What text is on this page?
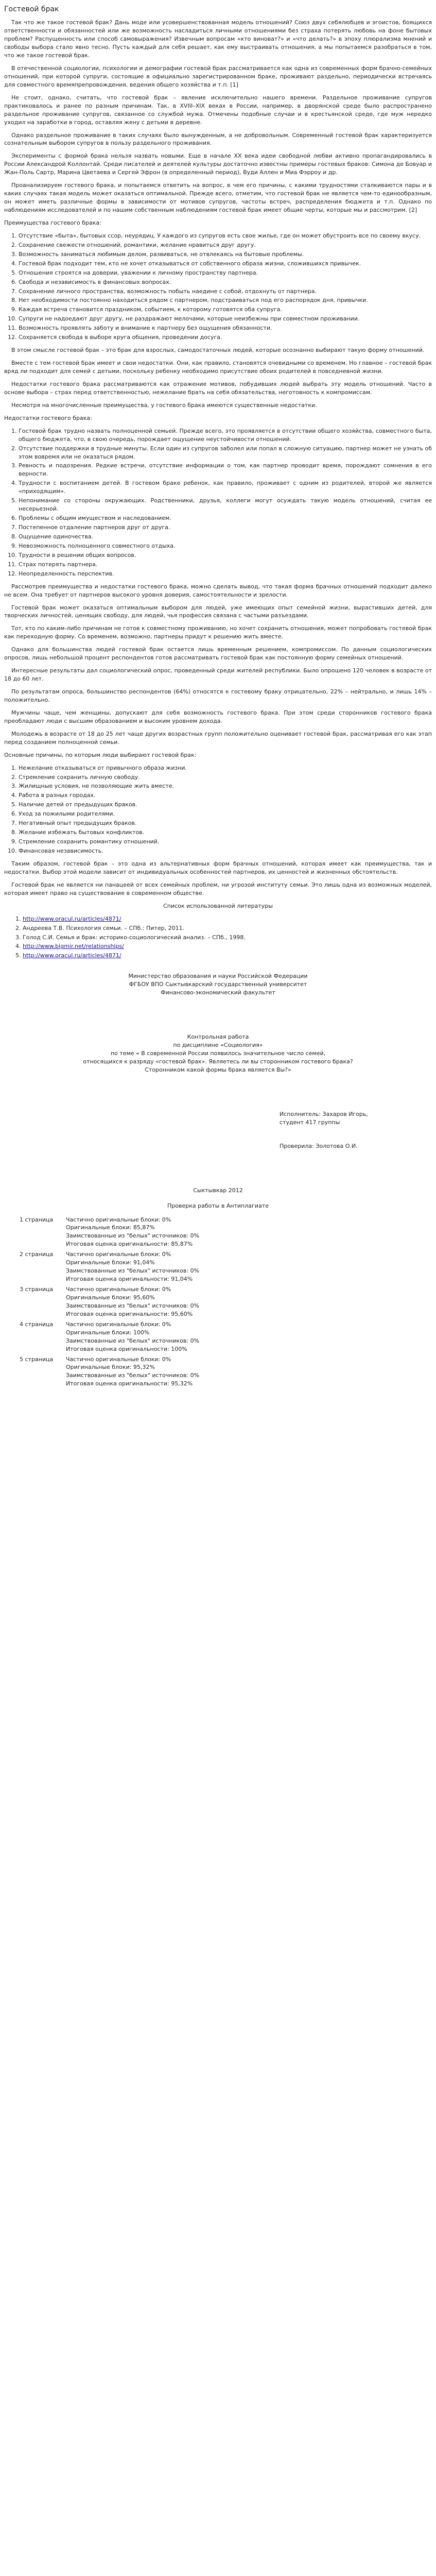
Гостевой брак

Так что же такое гостевой брак? Дань моде или усовершенствованная модель отношений? Союз двух себялюбцев и эгоистов, боящихся ответственности и обязанностей или же возможность насладиться личными отношениями без страха потерять любовь на фоне бытовых проблем? Распущенность или способ самовыражения? Извечным вопросам «кто виноват?» и «что делать?» в эпоху плюрализма мнений и свободы выбора стало явно тесно. Пусть каждый для себя решает, как ему выстраивать отношения, а мы попытаемся разобраться в том, что же такое гостевой брак.

В отечественной социологии, психологии и демографии гостевой брак рассматривается как одна из современных форм брачно-семейных отношений, при которой супруги, состоящие в официально зарегистрированном браке, проживают раздельно, периодически встречаясь для совместного времяпрепровождения, ведения общего хозяйства и т.п. [1]

Не стоит, однако, считать, что гостевой брак – явление исключительно нашего времени. Раздельное проживание супругов практиковалось и ранее по разным причинам. Так, в XVIII–XIX веках в России, например, в дворянской среде было распространено раздельное проживание супругов, связанное со службой мужа. Отмечены подобные случаи и в крестьянской среде, где муж нередко уходил на заработки в город, оставляя жену с детьми в деревне.

Однако раздельное проживание в таких случаях было вынужденным, а не добровольным. Современный гостевой брак характеризуется сознательным выбором супругов в пользу раздельного проживания.

Эксперименты с формой брака нельзя назвать новыми. Еще в начале ХХ века идеи свободной любви активно пропагандировались в России Александрой Коллонтай. Среди писателей и деятелей культуры достаточно известны примеры гостевых браков: Симона де Бовуар и Жан-Поль Сартр, Марина Цветаева и Сергей Эфрон (в определенный период), Вуди Аллен и Миа Фэрроу и др.

Проанализируем гостевого брака, и попытаемся ответить на вопрос, в чем его причины, с какими трудностями сталкиваются пары и в каких случаях такая модель может оказаться оптимальной. Прежде всего, отметим, что гостевой брак не является чем-то единообразным, он может иметь различные формы в зависимости от мотивов супругов, частоты встреч, распределения бюджета и т.п. Однако по наблюдениям исследователей и по нашим собственным наблюдениям гостевой брак имеет общие черты, которые мы и рассмотрим. [2]

Преимущества гостевого брака:

1. Отсутствие «быта», бытовых ссор, неурядиц. У каждого из супругов есть свое жилье, где он может обустроить все по своему вкусу.
2. Сохранение свежести отношений, романтики, желание нравиться друг другу.
3. Возможность заниматься любимым делом, развиваться, не отвлекаясь на бытовые проблемы.
4. Гостевой брак подходит тем, кто не хочет отказываться от собственного образа жизни, сложившихся привычек.
5. Отношения строятся на доверии, уважении к личному пространству партнера.
6. Свобода и независимость в финансовых вопросах.
7. Сохранение личного пространства, возможность побыть наедине с собой, отдохнуть от партнера.
8. Нет необходимости постоянно находиться рядом с партнером, подстраиваться под его распорядок дня, привычки.
9. Каждая встреча становится праздником, событием, к которому готовятся оба супруга.
10. Супруги не надоедают друг другу, не раздражают мелочами, которые неизбежны при совместном проживании.
11. Возможность проявлять заботу и внимание к партнеру без ощущения обязанности.
12. Сохраняется свобода в выборе круга общения, проведении досуга.

В этом смысле гостевой брак – это брак для взрослых, самодостаточных людей, которые осознанно выбирают такую форму отношений.

Вместе с тем гостевой брак имеет и свои недостатки. Они, как правило, становятся очевидными со временем. Но главное – гостевой брак вряд ли подходит для семей с детьми, поскольку ребенку необходимо присутствие обоих родителей в повседневной жизни.

Недостатки гостевого брака рассматриваются как отражение мотивов, побудивших людей выбрать эту модель отношений. Часто в основе выбора – страх перед ответственностью, нежелание брать на себя обязательства, неготовность к компромиссам.

Несмотря на многочисленные преимущества, у гостевого брака имеются существенные недостатки.

Недостатки гостевого брака:

1. Гостевой брак трудно назвать полноценной семьей. Прежде всего, это проявляется в отсутствии общего хозяйства, совместного быта, общего бюджета, что, в свою очередь, порождает ощущение неустойчивости отношений.
2. Отсутствие поддержки в трудные минуты. Если один из супругов заболел или попал в сложную ситуацию, партнер может не узнать об этом вовремя или не оказаться рядом.
3. Ревность и подозрения. Редкие встречи, отсутствие информации о том, как партнер проводит время, порождают сомнения в его верности.
4. Трудности с воспитанием детей. В гостевом браке ребенок, как правило, проживает с одним из родителей, второй же является «приходящим».
5. Непонимание со стороны окружающих. Родственники, друзья, коллеги могут осуждать такую модель отношений, считая ее несерьезной.
6. Проблемы с общим имуществом и наследованием.
7. Постепенное отдаление партнеров друг от друга.
8. Ощущение одиночества.
9. Невозможность полноценного совместного отдыха.
10. Трудности в решении общих вопросов.
11. Страх потерять партнера.
12. Неопределенность перспектив.

Рассмотрев преимущества и недостатки гостевого брака, можно сделать вывод, что такая форма брачных отношений подходит далеко не всем. Она требует от партнеров высокого уровня доверия, самостоятельности и зрелости.

Гостевой брак может оказаться оптимальным выбором для людей, уже имеющих опыт семейной жизни, вырастивших детей, для творческих личностей, ценящих свободу, для людей, чья профессия связана с частыми разъездами.

Тот, кто по каким-либо причинам не готов к совместному проживанию, но хочет сохранить отношения, может попробовать гостевой брак как переходную форму. Со временем, возможно, партнеры придут к решению жить вместе.

Однако для большинства людей гостевой брак остается лишь временным решением, компромиссом. По данным социологических опросов, лишь небольшой процент респондентов готов рассматривать гостевой брак как постоянную форму семейных отношений.

Интересные результаты дал социологический опрос, проведенный среди жителей республики. Было опрошено 120 человек в возрасте от 18 до 60 лет.

По результатам опроса, большинство респондентов (64%) относятся к гостевому браку отрицательно, 22% – нейтрально, и лишь 14% – положительно.

Мужчины чаще, чем женщины, допускают для себя возможность гостевого брака. При этом среди сторонников гостевого брака преобладают люди с высшим образованием и высоким уровнем дохода.

Молодежь в возрасте от 18 до 25 лет чаще других возрастных групп положительно оценивает гостевой брак, рассматривая его как этап перед созданием полноценной семьи.

Основные причины, по которым люди выбирают гостевой брак:

1. Нежелание отказываться от привычного образа жизни.
2. Стремление сохранить личную свободу.
3. Жилищные условия, не позволяющие жить вместе.
4. Работа в разных городах.
5. Наличие детей от предыдущих браков.
6. Уход за пожилыми родителями.
7. Негативный опыт предыдущих браков.
8. Желание избежать бытовых конфликтов.
9. Стремление сохранить романтику отношений.
10. Финансовая независимость.

Таким образом, гостевой брак – это одна из альтернативных форм брачных отношений, которая имеет как преимущества, так и недостатки. Выбор этой модели зависит от индивидуальных особенностей партнеров, их ценностей и жизненных обстоятельств.

Гостевой брак не является ни панацеей от всех семейных проблем, ни угрозой институту семьи. Это лишь одна из возможных моделей, которая имеет право на существование в современном обществе.

Список использованной литературы

1. http://www.oracul.ru/articles/4871/
2. Андреева Т.В. Психология семьи. – СПб.: Питер, 2011.
3. Голод С.И. Семья и брак: историко-социологический анализ. – СПб., 1998.
4. http://www.bigmir.net/relationships/
5. http://www.oracul.ru/articles/4871/

Министерство образования и науки Российской Федерации

ФГБОУ ВПО Сыктывкарский государственный университет

Финансово-экономический факультет

Контрольная работа

по дисциплине «Социология»

по теме « В современной России появилось значительное число семей,

относящихся к разряду «гостевой брак». Являетесь ли вы сторонником гостевого брака?

Сторонником какой формы брака является Вы?»

Исполнитель: Захаров Игорь,

студент 417 группы

Проверила: Золотова О.И.

Сыктывкар 2012

Проверка работы в Антиплагиате

1 страница	Частично оригинальные блоки: 0%
Оригинальные блоки: 85,87%
Заимствованные из "белых" источников: 0%
Итоговая оценка оригинальности: 85,87%
2 страница	Частично оригинальные блоки: 0%
Оригинальные блоки: 91,04%
Заимствованные из "белых" источников: 0%
Итоговая оценка оригинальности: 91,04%
3 страница	Частично оригинальные блоки: 0%
Оригинальные блоки: 95,60%
Заимствованные из "белых" источников: 0%
Итоговая оценка оригинальности: 95,60%
4 страница	Частично оригинальные блоки: 0%
Оригинальные блоки: 100%
Заимствованные из "белых" источников: 0%
Итоговая оценка оригинальности: 100%
5 страница	Частично оригинальные блоки: 0%
Оригинальные блоки: 95,32%
Заимствованные из "белых" источников: 0%
Итоговая оценка оригинальности: 95,32%
